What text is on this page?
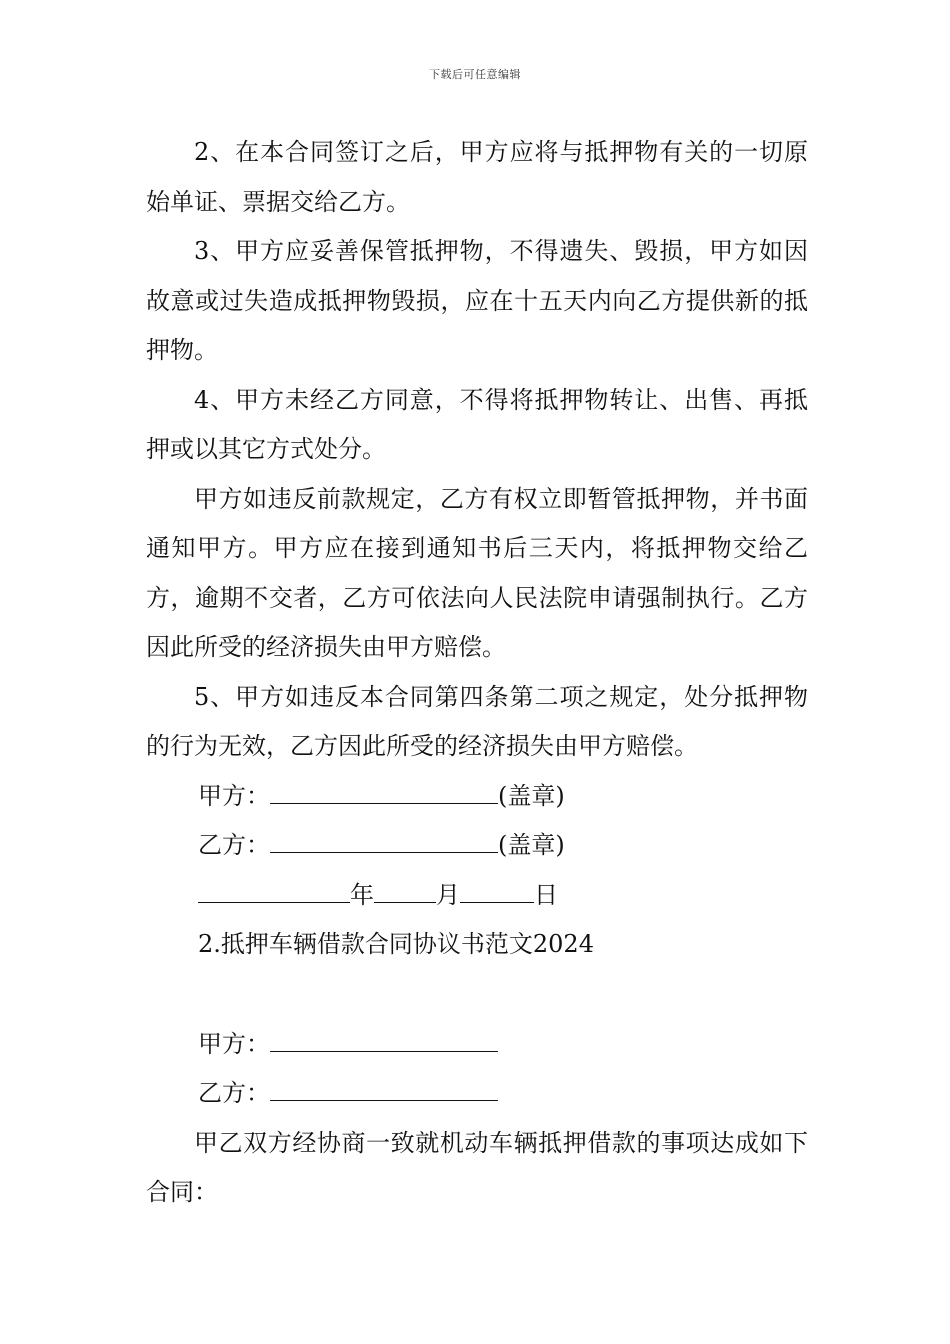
下载后可任意编辑

2、在本合同签订之后，甲方应将与抵押物有关的一切原始单证、票据交给乙方。

3、甲方应妥善保管抵押物，不得遗失、毁损，甲方如因故意或过失造成抵押物毁损，应在十五天内向乙方提供新的抵押物。

4、甲方未经乙方同意，不得将抵押物转让、出售、再抵押或以其它方式处分。

甲方如违反前款规定，乙方有权立即暂管抵押物，并书面通知甲方。甲方应在接到通知书后三天内，将抵押物交给乙方，逾期不交者，乙方可依法向人民法院申请强制执行。乙方因此所受的经济损失由甲方赔偿。

5、甲方如违反本合同第四条第二项之规定，处分抵押物的行为无效，乙方因此所受的经济损失由甲方赔偿。

甲方：	(盖章)

乙方：	(盖章)

年	月	日

2.抵押车辆借款合同协议书范文2024

甲方：

乙方：

甲乙双方经协商一致就机动车辆抵押借款的事项达成如下合同：
